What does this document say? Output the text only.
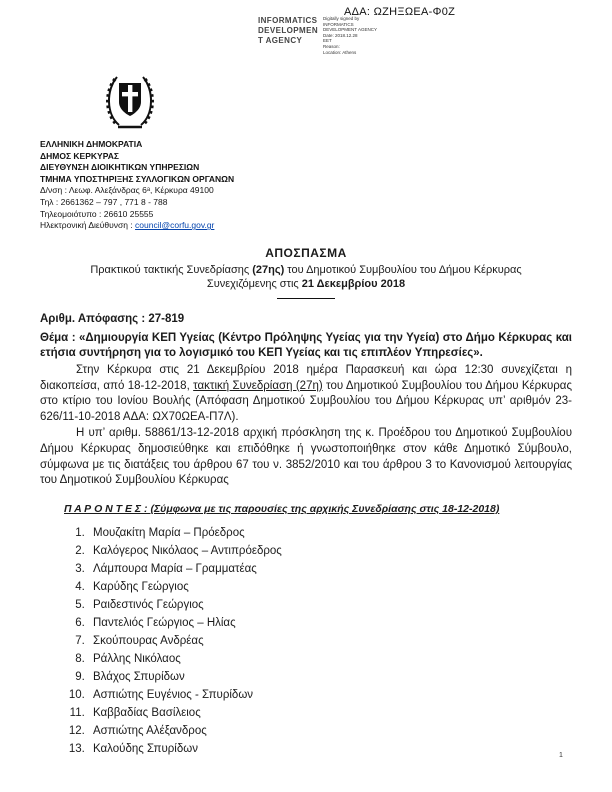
ΑΔΑ: ΩΖΗΞΩΕΑ-Φ0Ζ
INFORMATICS
DEVELOPMEN
T AGENCY
Digitally signed by
INFORMATICS
DEVELOPMENT AGENCY
Date: 2018.12.28
EET
Reason:
Location: Athens
ΕΛΛΗΝΙΚΗ ΔΗΜΟΚΡΑΤΙΑ
ΔΗΜΟΣ ΚΕΡΚΥΡΑΣ
ΔΙΕΥΘΥΝΣΗ ΔΙΟΙΚΗΤΙΚΩΝ ΥΠΗΡΕΣΙΩΝ
ΤΜΗΜΑ ΥΠΟΣΤΗΡΙΞΗΣ ΣΥΛΛΟΓΙΚΩΝ ΟΡΓΑΝΩΝ
Δ/νση : Λεωφ. Αλεξάνδρας 6ᵃ, Κέρκυρα 49100
Τηλ : 2661362 – 797 , 771 8 - 788
Τηλεομοιότυπο : 26610 25555
Ηλεκτρονική Διεύθυνση : council@corfu.gov.gr
ΑΠΟΣΠΑΣΜΑ
Πρακτικού τακτικής Συνεδρίασης (27ης) του Δημοτικού Συμβουλίου του Δήμου Κέρκυρας
Συνεχιζόμενης στις 21 Δεκεμβρίου 2018
Αριθμ. Απόφασης : 27-819
Θέμα : «Δημιουργία ΚΕΠ Υγείας (Κέντρο Πρόληψης Υγείας για την Υγεία) στο Δήμο Κέρκυρας και ετήσια συντήρηση για το λογισμικό του ΚΕΠ Υγείας και τις επιπλέον Υπηρεσίες».

Στην Κέρκυρα στις 21 Δεκεμβρίου 2018 ημέρα Παρασκευή και ώρα 12:30 συνεχίζεται η διακοπείσα, από 18-12-2018, τακτική Συνεδρίαση (27η) του Δημοτικού Συμβουλίου του Δήμου Κέρκυρας στο κτίριο του Ιονίου Βουλής (Απόφαση Δημοτικού Συμβουλίου του Δήμου Κέρκυρας υπ’ αριθμόν 23-626/11-10-2018 ΑΔΑ: ΩΧ70ΩΕΑ-Π7Λ).

Η υπ’ αριθμ. 58861/13-12-2018 αρχική πρόσκληση της κ. Προέδρου του Δημοτικού Συμβουλίου Δήμου Κέρκυρας δημοσιεύθηκε και επιδόθηκε ή γνωστοποιήθηκε στον κάθε Δημοτικό Σύμβουλο, σύμφωνα με τις διατάξεις του άρθρου 67 του ν. 3852/2010 και του άρθρου 3 το Κανονισμού λειτουργίας του Δημοτικού Συμβουλίου Κέρκυρας

Π Α Ρ Ο Ν Τ Ε Σ : (Σύμφωνα με τις παρουσίες της αρχικής Συνεδρίασης στις 18-12-2018)
1. Μουζακίτη Μαρία – Πρόεδρος
2. Καλόγερος Νικόλαος – Αντιπρόεδρος
3. Λάμπουρα Μαρία – Γραμματέας
4. Καρύδης Γεώργιος
5. Ραιδεστινός Γεώργιος
6. Παντελιός Γεώργιος – Ηλίας
7. Σκούπουρας Ανδρέας
8. Ράλλης Νικόλαος
9. Βλάχος Σπυρίδων
10. Ασπιώτης Ευγένιος - Σπυρίδων
11. Καββαδίας Βασίλειος
12. Ασπιώτης Αλέξανδρος
13. Καλούδης Σπυρίδων
1
